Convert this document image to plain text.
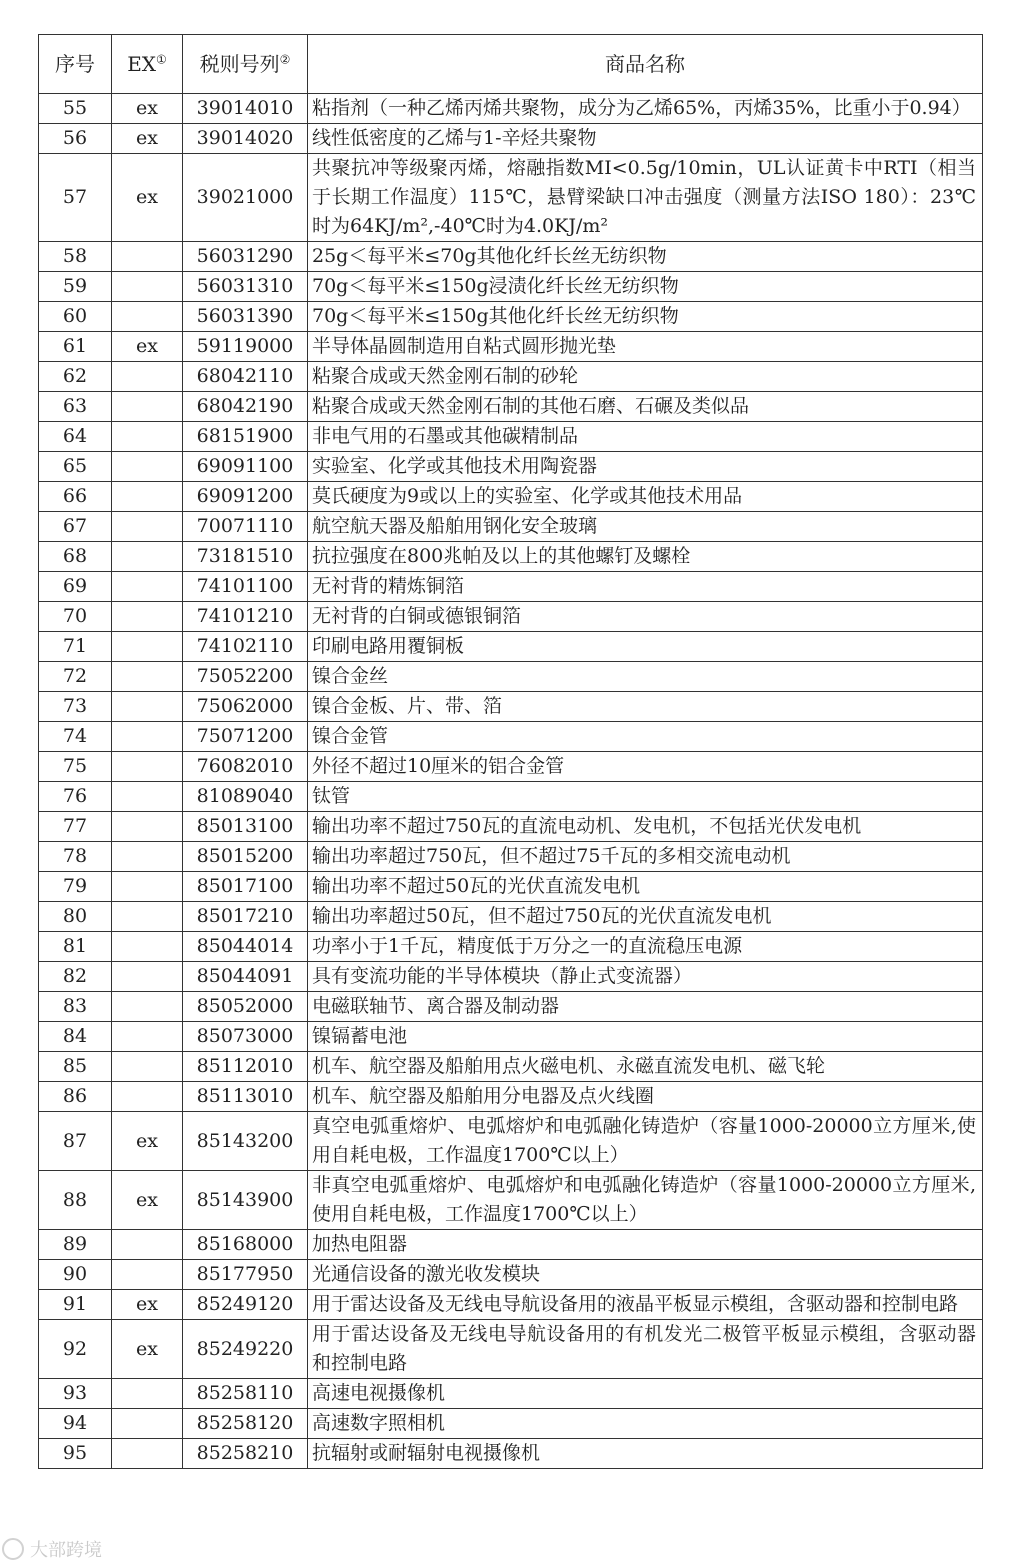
序号	EX①	税则号列②	商品名称
55	ex	39014010	粘指剂（一种乙烯丙烯共聚物，成分为乙烯65%，丙烯35%，比重小于0.94）
56	ex	39014020	线性低密度的乙烯与1-辛烃共聚物
57	ex	39021000	共聚抗冲等级聚丙烯，熔融指数MI<0.5g/10min，UL认证黄卡中RTI（相当于长期工作温度）115℃，悬臂梁缺口冲击强度（测量方法ISO 180）：23℃时为64KJ/m²,-40℃时为4.0KJ/m²
58		56031290	25g＜每平米≤70g其他化纤长丝无纺织物
59		56031310	70g＜每平米≤150g浸渍化纤长丝无纺织物
60		56031390	70g＜每平米≤150g其他化纤长丝无纺织物
61	ex	59119000	半导体晶圆制造用自粘式圆形抛光垫
62		68042110	粘聚合成或天然金刚石制的砂轮
63		68042190	粘聚合成或天然金刚石制的其他石磨、石碾及类似品
64		68151900	非电气用的石墨或其他碳精制品
65		69091100	实验室、化学或其他技术用陶瓷器
66		69091200	莫氏硬度为9或以上的实验室、化学或其他技术用品
67		70071110	航空航天器及船舶用钢化安全玻璃
68		73181510	抗拉强度在800兆帕及以上的其他螺钉及螺栓
69		74101100	无衬背的精炼铜箔
70		74101210	无衬背的白铜或德银铜箔
71		74102110	印刷电路用覆铜板
72		75052200	镍合金丝
73		75062000	镍合金板、片、带、箔
74		75071200	镍合金管
75		76082010	外径不超过10厘米的铝合金管
76		81089040	钛管
77		85013100	输出功率不超过750瓦的直流电动机、发电机，不包括光伏发电机
78		85015200	输出功率超过750瓦，但不超过75千瓦的多相交流电动机
79		85017100	输出功率不超过50瓦的光伏直流发电机
80		85017210	输出功率超过50瓦，但不超过750瓦的光伏直流发电机
81		85044014	功率小于1千瓦，精度低于万分之一的直流稳压电源
82		85044091	具有变流功能的半导体模块（静止式变流器）
83		85052000	电磁联轴节、离合器及制动器
84		85073000	镍镉蓄电池
85		85112010	机车、航空器及船舶用点火磁电机、永磁直流发电机、磁飞轮
86		85113010	机车、航空器及船舶用分电器及点火线圈
87	ex	85143200	真空电弧重熔炉、电弧熔炉和电弧融化铸造炉（容量1000-20000立方厘米,使用自耗电极，工作温度1700℃以上）
88	ex	85143900	非真空电弧重熔炉、电弧熔炉和电弧融化铸造炉（容量1000-20000立方厘米,使用自耗电极，工作温度1700℃以上）
89		85168000	加热电阻器
90		85177950	光通信设备的激光收发模块
91	ex	85249120	用于雷达设备及无线电导航设备用的液晶平板显示模组，含驱动器和控制电路
92	ex	85249220	用于雷达设备及无线电导航设备用的有机发光二极管平板显示模组，含驱动器和控制电路
93		85258110	高速电视摄像机
94		85258120	高速数字照相机
95		85258210	抗辐射或耐辐射电视摄像机
大部跨境
